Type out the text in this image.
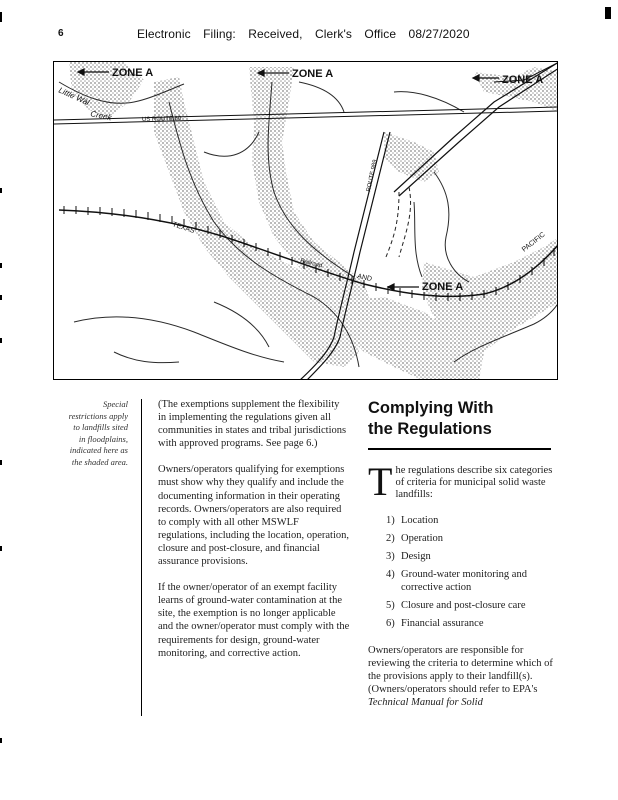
6	Electronic Filing: Received, Clerk's Office 08/27/2020
ZONE A	ZONE A	ZONE A
ZONE A
US ROUTE 80
ROUTE 989
TEXAS
AND
PACIFIC
Railroad
Little Wal
Creek
Special
restrictions apply
to landfills sited
in floodplains,
indicated here as
the shaded area.

(The exemptions supplement the flexibility in implementing the regulations given all communities in states and tribal jurisdictions with approved programs. See page 6.)

Owners/operators qualifying for exemptions must show why they qualify and include the documenting information in their operating records. Owners/operators are also required to comply with all other MSWLF regulations, including the location, operation, closure and post-closure, and financial assurance provisions.

If the owner/operator of an exempt facility learns of ground-water contamination at the site, the exemption is no longer applicable and the owner/operator must comply with the requirements for design, ground-water monitoring, and corrective action.

Complying With
the Regulations
T he regulations describe six categories of criteria for municipal solid waste landfills:
1) Location
2) Operation
3) Design
4) Ground-water monitoring and corrective action
5) Closure and post-closure care
6) Financial assurance
Owners/operators are responsible for reviewing the criteria to determine which of the provisions apply to their landfill(s). (Owners/operators should refer to EPA's Technical Manual for Solid
